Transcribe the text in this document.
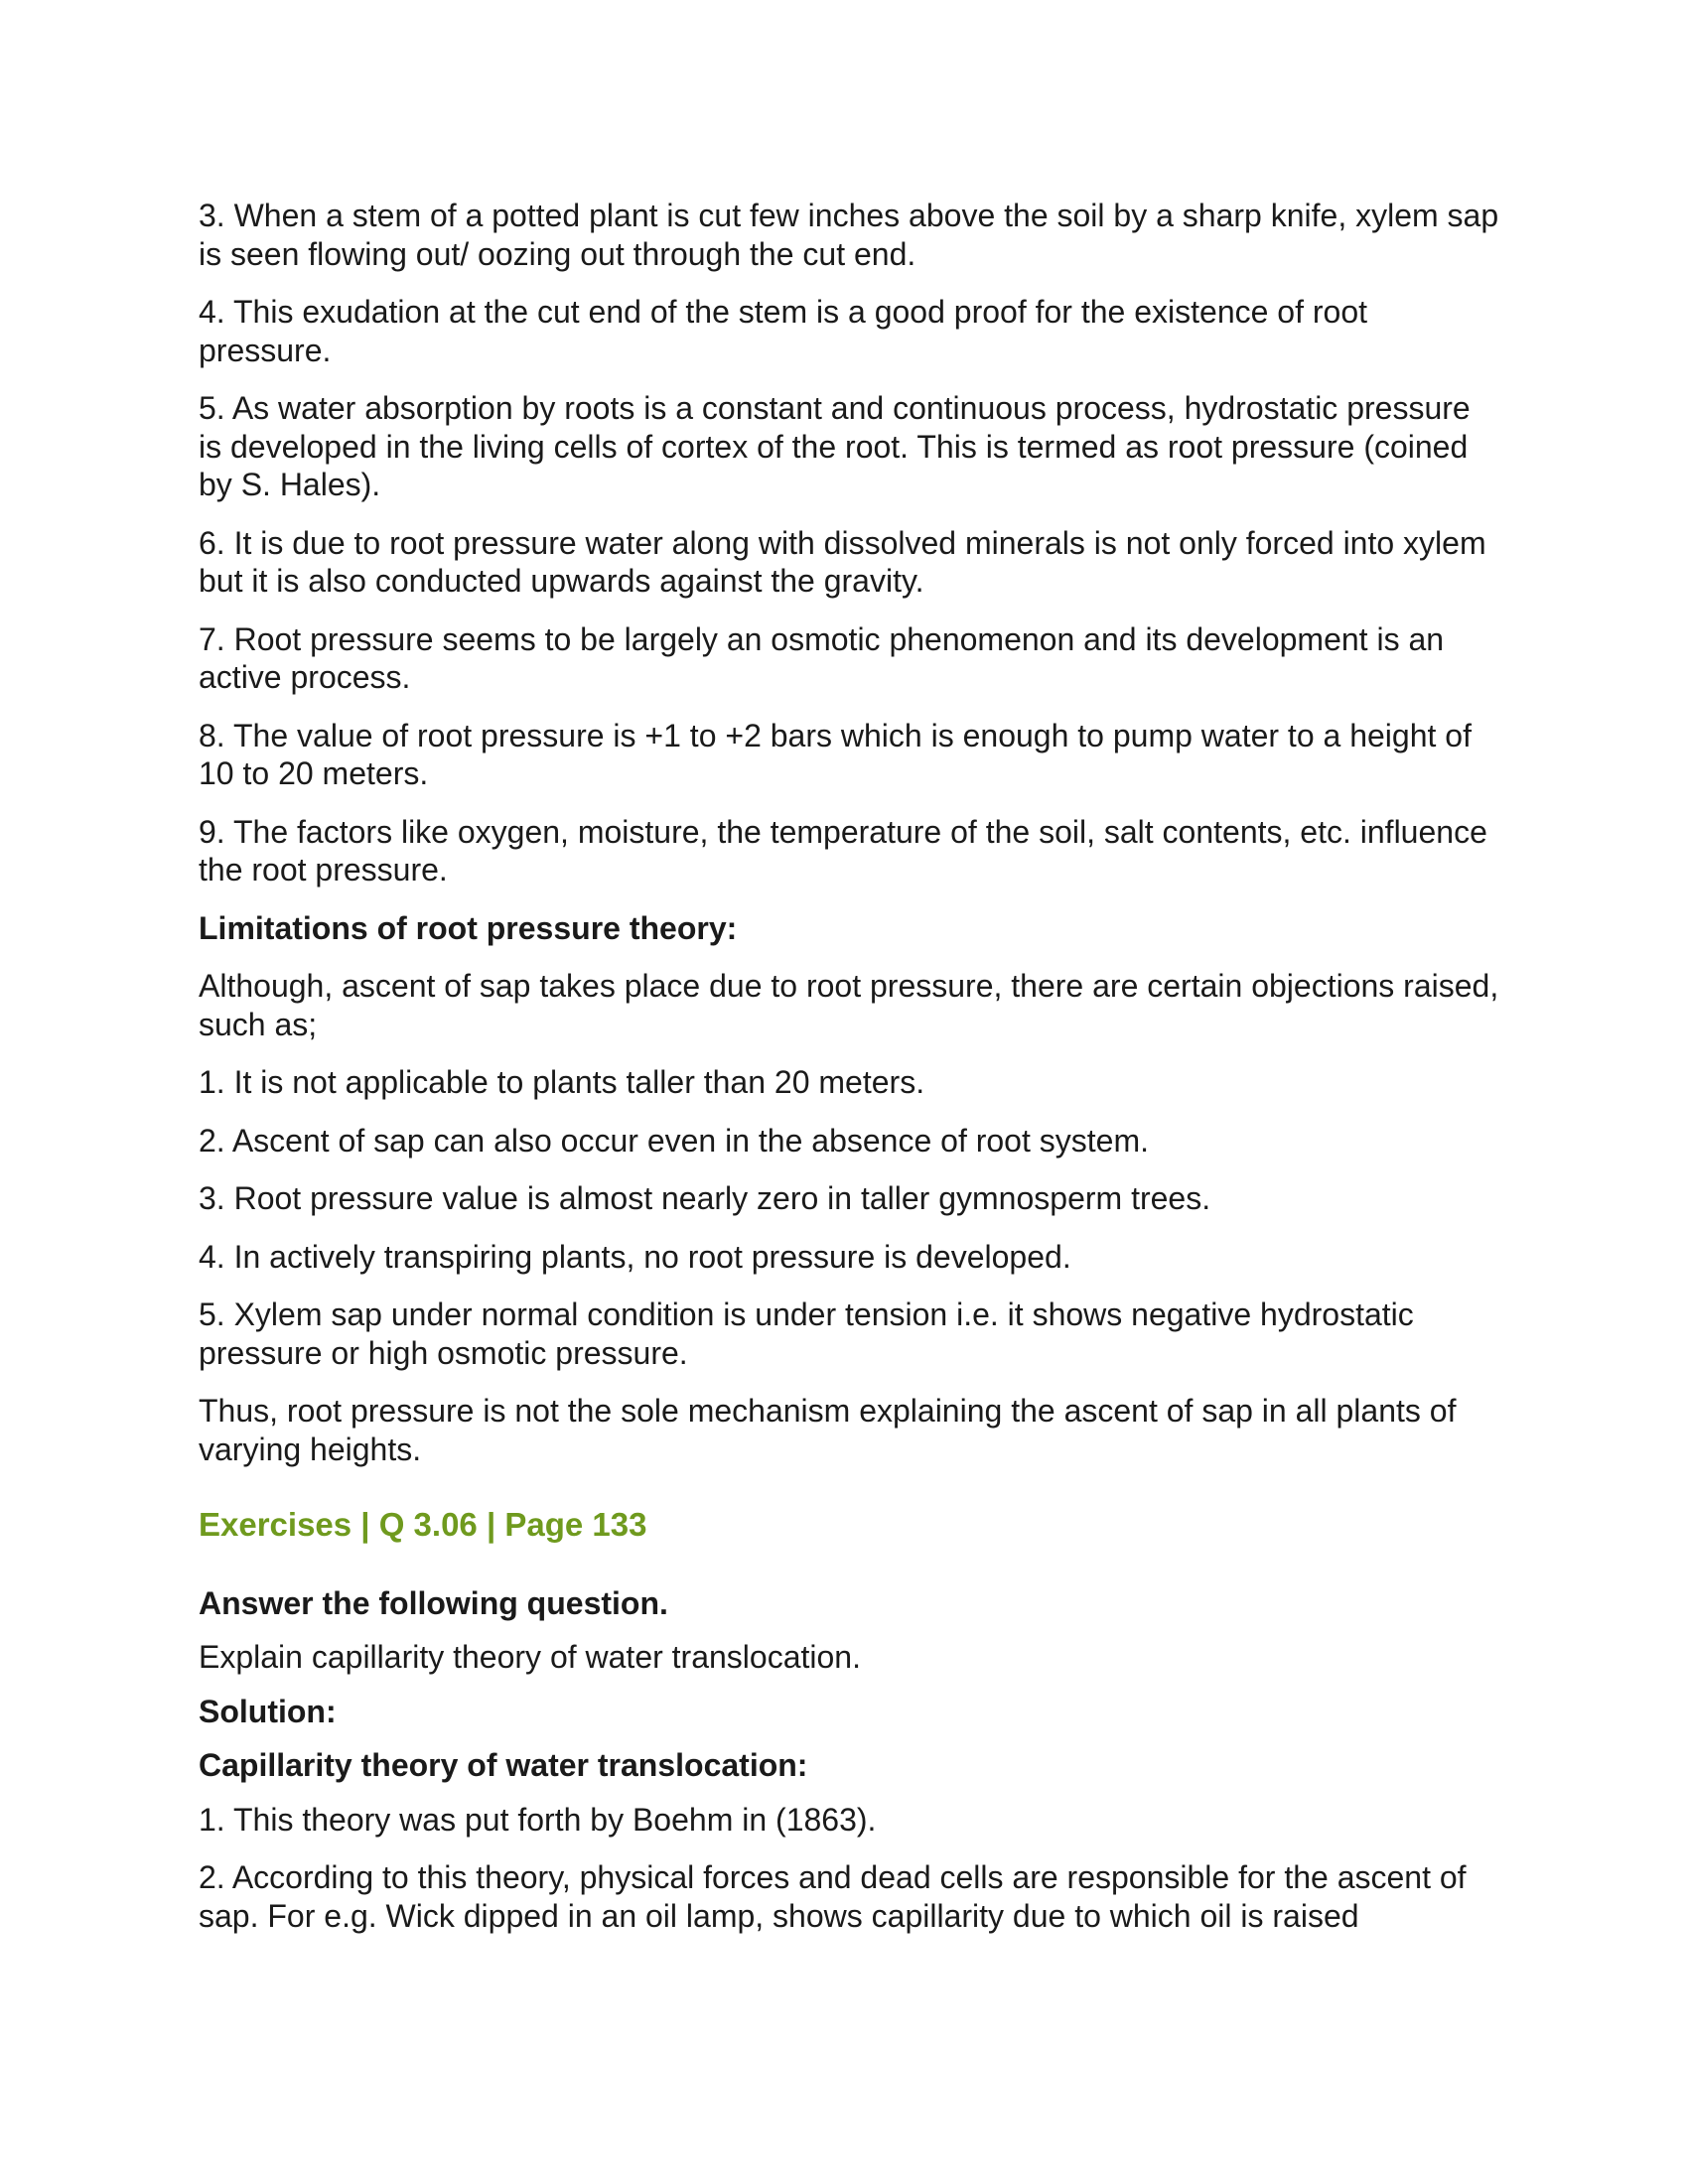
3. When a stem of a potted plant is cut few inches above the soil by a sharp knife, xylem sap is seen flowing out/ oozing out through the cut end.

4. This exudation at the cut end of the stem is a good proof for the existence of root pressure.

5. As water absorption by roots is a constant and continuous process, hydrostatic pressure is developed in the living cells of cortex of the root. This is termed as root pressure (coined by S. Hales).

6. It is due to root pressure water along with dissolved minerals is not only forced into xylem but it is also conducted upwards against the gravity.

7. Root pressure seems to be largely an osmotic phenomenon and its development is an active process.

8. The value of root pressure is +1 to +2 bars which is enough to pump water to a height of 10 to 20 meters.

9. The factors like oxygen, moisture, the temperature of the soil, salt contents, etc. influence the root pressure.

Limitations of root pressure theory:

Although, ascent of sap takes place due to root pressure, there are certain objections raised, such as;

1. It is not applicable to plants taller than 20 meters.

2. Ascent of sap can also occur even in the absence of root system.

3. Root pressure value is almost nearly zero in taller gymnosperm trees.

4. In actively transpiring plants, no root pressure is developed.

5. Xylem sap under normal condition is under tension i.e. it shows negative hydrostatic pressure or high osmotic pressure.

Thus, root pressure is not the sole mechanism explaining the ascent of sap in all plants of varying heights.

Exercises | Q 3.06 | Page 133

Answer the following question.

Explain capillarity theory of water translocation.

Solution:

Capillarity theory of water translocation:

1. This theory was put forth by Boehm in (1863).

2. According to this theory, physical forces and dead cells are responsible for the ascent of sap. For e.g. Wick dipped in an oil lamp, shows capillarity due to which oil is raised
